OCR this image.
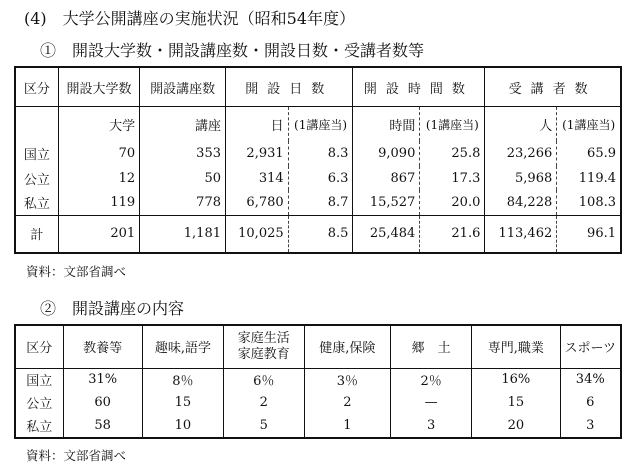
(4)　大学公開講座の実施状況（昭和54年度）
①　開設大学数・開設講座数・開設日数・受講者数等
区分	開設大学数	開設講座数	開設日数		開設時間数		受講者数	
	大学	講座	日	(1講座当)	時間	(1講座当)	人	(1講座当)
国立	70	353	2,931	8.3	9,090	25.8	23,266	65.9
公立	12	50	314	6.3	867	17.3	5,968	119.4
私立	119	778	6,780	8.7	15,527	20.0	84,228	108.3
計	201	1,181	10,025	8.5	25,484	21.6	113,462	96.1
資料：文部省調べ
②　開設講座の内容
区分	教養等	趣味,語学	家庭生活
家庭教育	健康,保険	郷　土	専門,職業	スポーツ
国立	31%	8％	6％	3％	2％	16%	34%
公立	60	15	2	2	—	15	6
私立	58	10	5	1	3	20	3
資料：文部省調べ
